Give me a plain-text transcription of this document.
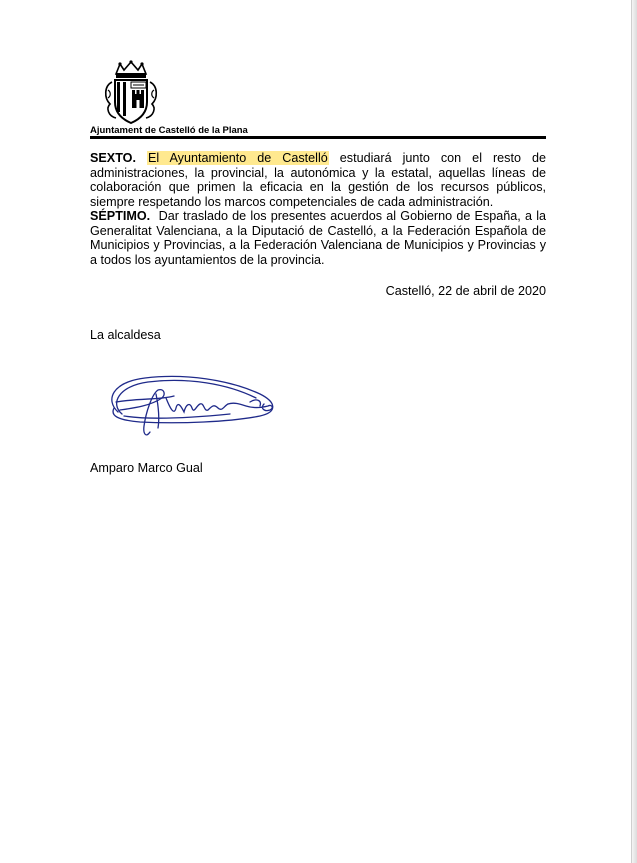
Ajuntament de Castelló de la Plana

SEXTO. El Ayuntamiento de Castelló estudiará junto con el resto de administraciones, la provincial, la autonómica y la estatal, aquellas líneas de colaboración que primen la eficacia en la gestión de los recursos públicos, siempre respetando los marcos competenciales de cada administración.

SÉPTIMO. Dar traslado de los presentes acuerdos al Gobierno de España, a la Generalitat Valenciana, a la Diputació de Castelló, a la Federación Española de Municipios y Provincias, a la Federación Valenciana de Municipios y Provincias y a todos los ayuntamientos de la provincia.

Castelló, 22 de abril de 2020
La alcaldesa
Amparo Marco Gual
